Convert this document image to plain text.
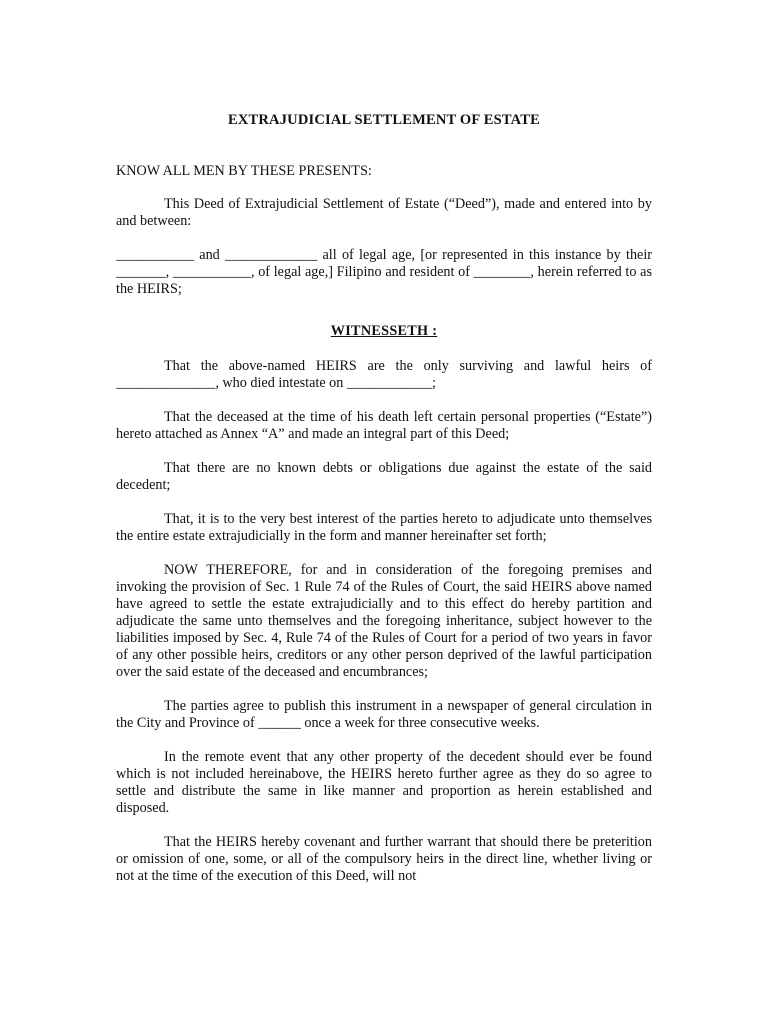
EXTRAJUDICIAL SETTLEMENT OF ESTATE
KNOW ALL MEN BY THESE PRESENTS:
This Deed of Extrajudicial Settlement of Estate (“Deed”), made and entered into by and between:
___________ and _____________ all of legal age, [or represented in this instance by their _______, ___________, of legal age,] Filipino and resident of ________, herein referred to as the HEIRS;
WITNESSETH :
That the above-named HEIRS are the only surviving and lawful heirs of ______________, who died intestate on ____________;
That the deceased at the time of his death left certain personal properties (“Estate”) hereto attached as Annex “A” and made an integral part of this Deed;
That there are no known debts or obligations due against the estate of the said decedent;
That, it is to the very best interest of the parties hereto to adjudicate unto themselves the entire estate extrajudicially in the form and manner hereinafter set forth;
NOW THEREFORE, for and in consideration of the foregoing premises and invoking the provision of Sec. 1 Rule 74 of the Rules of Court, the said HEIRS above named have agreed to settle the estate extrajudicially and to this effect do hereby partition and adjudicate the same unto themselves and the foregoing inheritance, subject however to the liabilities imposed by Sec. 4, Rule 74 of the Rules of Court for a period of two years in favor of any other possible heirs, creditors or any other person deprived of the lawful participation over the said estate of the deceased and encumbrances;
The parties agree to publish this instrument in a newspaper of general circulation in the City and Province of ______ once a week for three consecutive weeks.
In the remote event that any other property of the decedent should ever be found which is not included hereinabove, the HEIRS hereto further agree as they do so agree to settle and distribute the same in like manner and proportion as herein established and disposed.
That the HEIRS hereby covenant and further warrant that should there be preterition or omission of one, some, or all of the compulsory heirs in the direct line, whether living or not at the time of the execution of this Deed, will not
